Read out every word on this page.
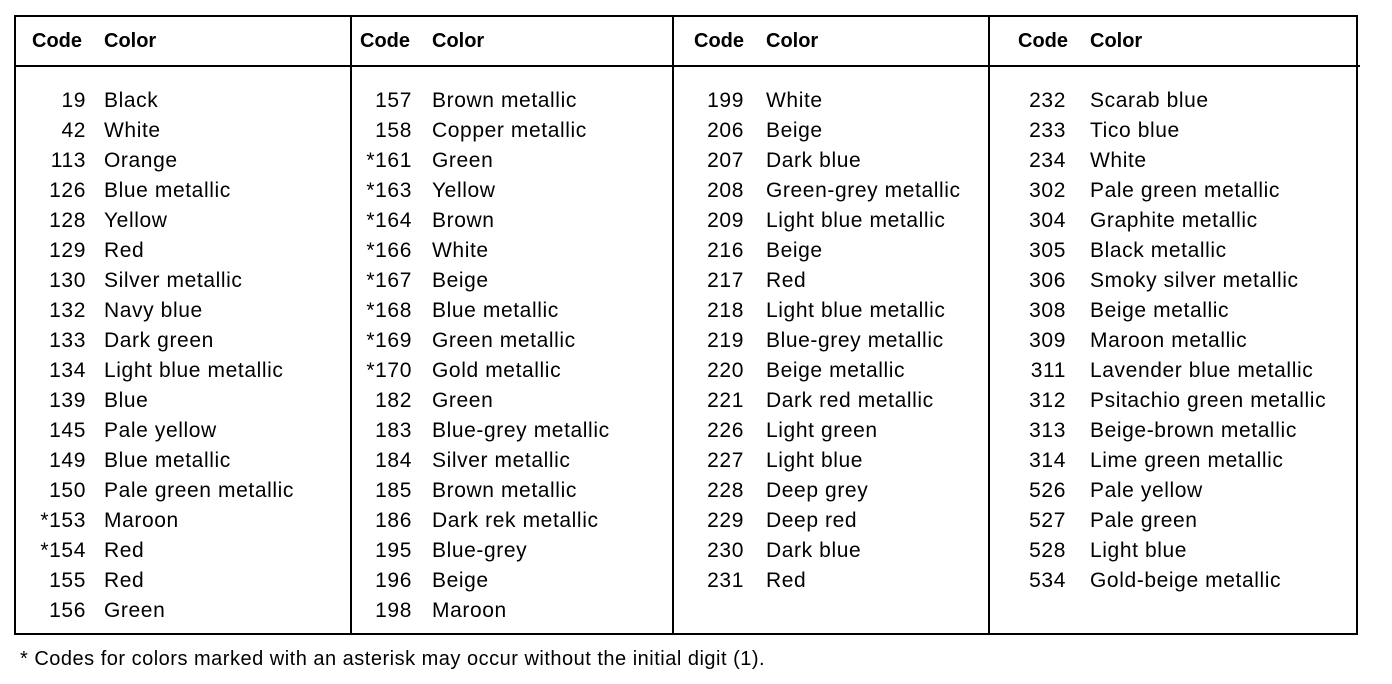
Code Color
19 Black
42 White
113 Orange
126 Blue metallic
128 Yellow
129 Red
130 Silver metallic
132 Navy blue
133 Dark green
134 Light blue metallic
139 Blue
145 Pale yellow
149 Blue metallic
150 Pale green metallic
*153 Maroon
*154 Red
155 Red
156 Green
Code Color
157 Brown metallic
158 Copper metallic
*161 Green
*163 Yellow
*164 Brown
*166 White
*167 Beige
*168 Blue metallic
*169 Green metallic
*170 Gold metallic
182 Green
183 Blue-grey metallic
184 Silver metallic
185 Brown metallic
186 Dark rek metallic
195 Blue-grey
196 Beige
198 Maroon
Code Color
199 White
206 Beige
207 Dark blue
208 Green-grey metallic
209 Light blue metallic
216 Beige
217 Red
218 Light blue metallic
219 Blue-grey metallic
220 Beige metallic
221 Dark red metallic
226 Light green
227 Light blue
228 Deep grey
229 Deep red
230 Dark blue
231 Red
Code Color
232 Scarab blue
233 Tico blue
234 White
302 Pale green metallic
304 Graphite metallic
305 Black metallic
306 Smoky silver metallic
308 Beige metallic
309 Maroon metallic
311 Lavender blue metallic
312 Psitachio green metallic
313 Beige-brown metallic
314 Lime green metallic
526 Pale yellow
527 Pale green
528 Light blue
534 Gold-beige metallic
* Codes for colors marked with an asterisk may occur without the initial digit (1).
